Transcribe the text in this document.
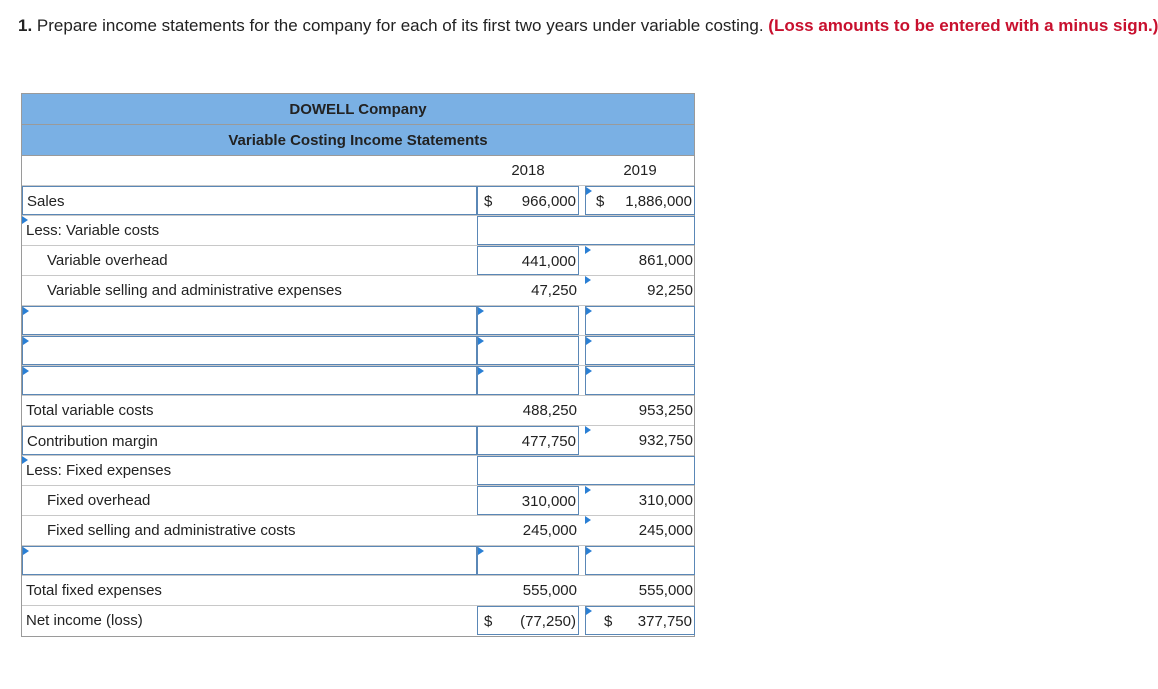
1. Prepare income statements for the company for each of its first two years under variable costing. (Loss amounts to be entered with a minus sign.)
DOWELL Company
Variable Costing Income Statements
2018	2019
Sales	$ 966,000 $ 1,886,000
Less: Variable costs
Variable overhead	441,000	861,000
Variable selling and administrative expenses	47,250	92,250
Total variable costs	488,250	953,250
Contribution margin	477,750	932,750
Less: Fixed expenses
Fixed overhead	310,000	310,000
Fixed selling and administrative costs	245,000	245,000
Total fixed expenses	555,000	555,000
Net income (loss)	$ (77,250) $ 377,750
